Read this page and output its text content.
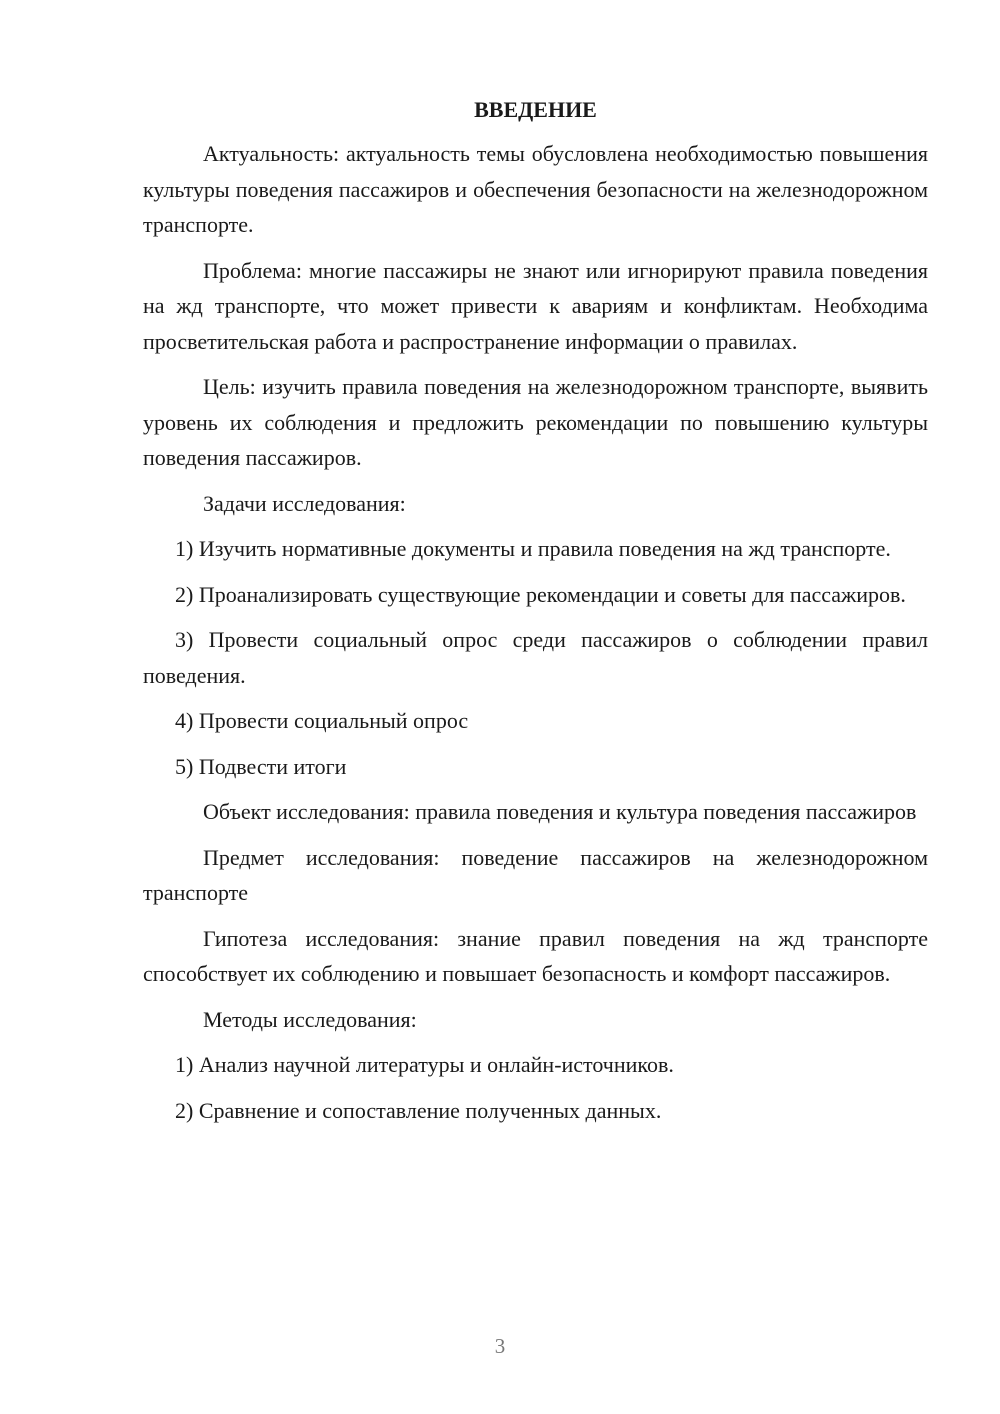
ВВЕДЕНИЕ

Актуальность: актуальность темы обусловлена необходимостью повышения культуры поведения пассажиров и обеспечения безопасности на железнодорожном транспорте.

Проблема: многие пассажиры не знают или игнорируют правила поведения на жд транспорте, что может привести к авариям и конфликтам. Необходима просветительская работа и распространение информации о правилах.

Цель: изучить правила поведения на железнодорожном транспорте, выявить уровень их соблюдения и предложить рекомендации по повышению культуры поведения пассажиров.

Задачи исследования:

1) Изучить нормативные документы и правила поведения на жд транспорте.

2) Проанализировать существующие рекомендации и советы для пассажиров.

3) Провести социальный опрос среди пассажиров о соблюдении правил поведения.

4) Провести социальный опрос

5) Подвести итоги

Объект исследования: правила поведения и культура поведения пассажиров

Предмет исследования: поведение пассажиров на железнодорожном транспорте

Гипотеза исследования: знание правил поведения на жд транспорте способствует их соблюдению и повышает безопасность и комфорт пассажиров.

Методы исследования:

1) Анализ научной литературы и онлайн-источников.

2) Сравнение и сопоставление полученных данных.

3
